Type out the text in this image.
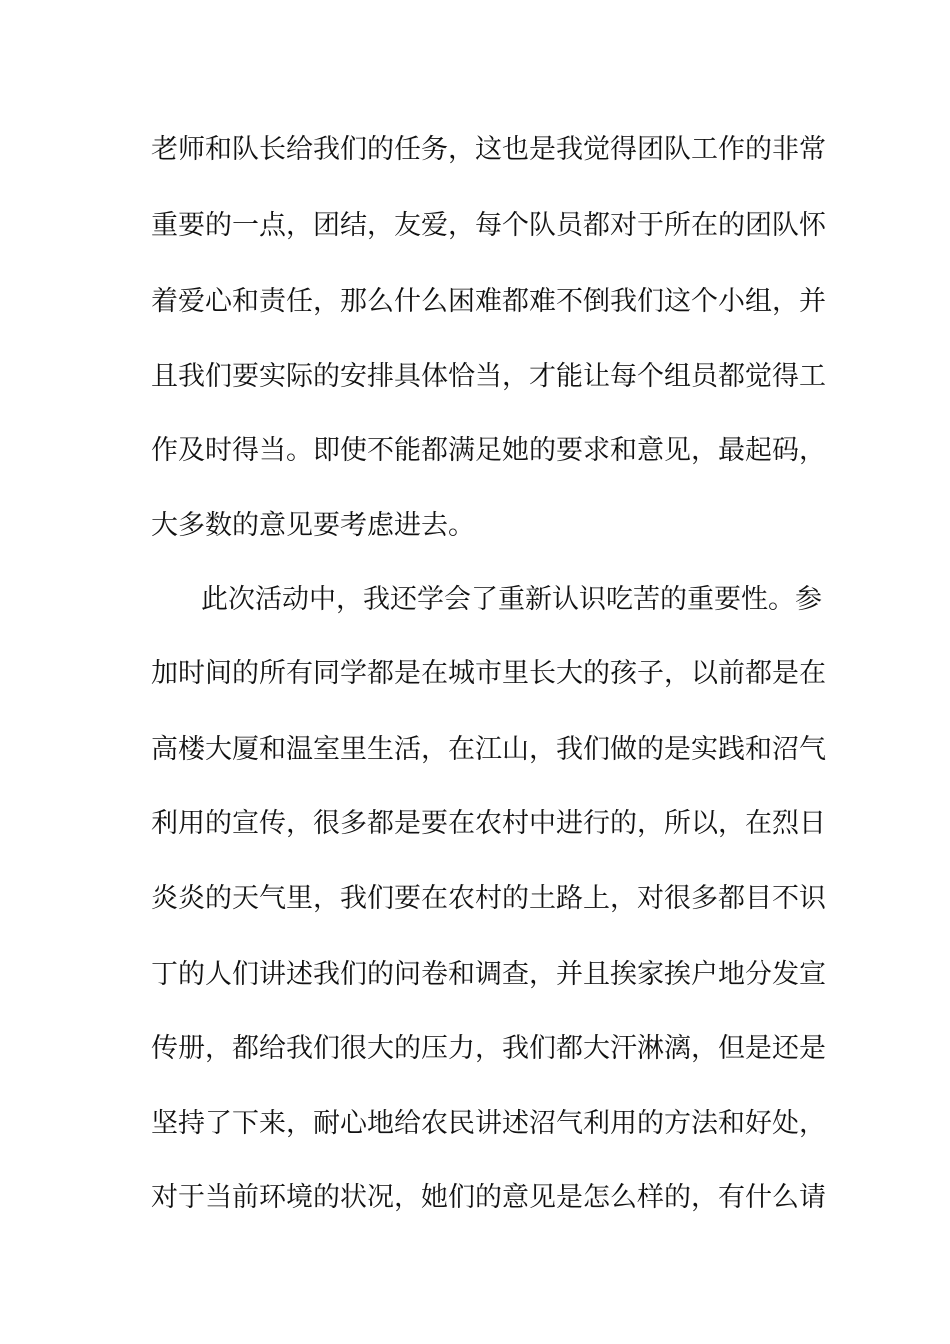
老师和队长给我们的任务，这也是我觉得团队工作的非常
重要的一点，团结，友爱，每个队员都对于所在的团队怀
着爱心和责任，那么什么困难都难不倒我们这个小组，并
且我们要实际的安排具体恰当，才能让每个组员都觉得工
作及时得当。即使不能都满足她的要求和意见，最起码，
大多数的意见要考虑进去。
此次活动中，我还学会了重新认识吃苦的重要性。参
加时间的所有同学都是在城市里长大的孩子，以前都是在
高楼大厦和温室里生活，在江山，我们做的是实践和沼气
利用的宣传，很多都是要在农村中进行的，所以，在烈日
炎炎的天气里，我们要在农村的土路上，对很多都目不识
丁的人们讲述我们的问卷和调查，并且挨家挨户地分发宣
传册，都给我们很大的压力，我们都大汗淋漓，但是还是
坚持了下来，耐心地给农民讲述沼气利用的方法和好处，
对于当前环境的状况，她们的意见是怎么样的，有什么请
